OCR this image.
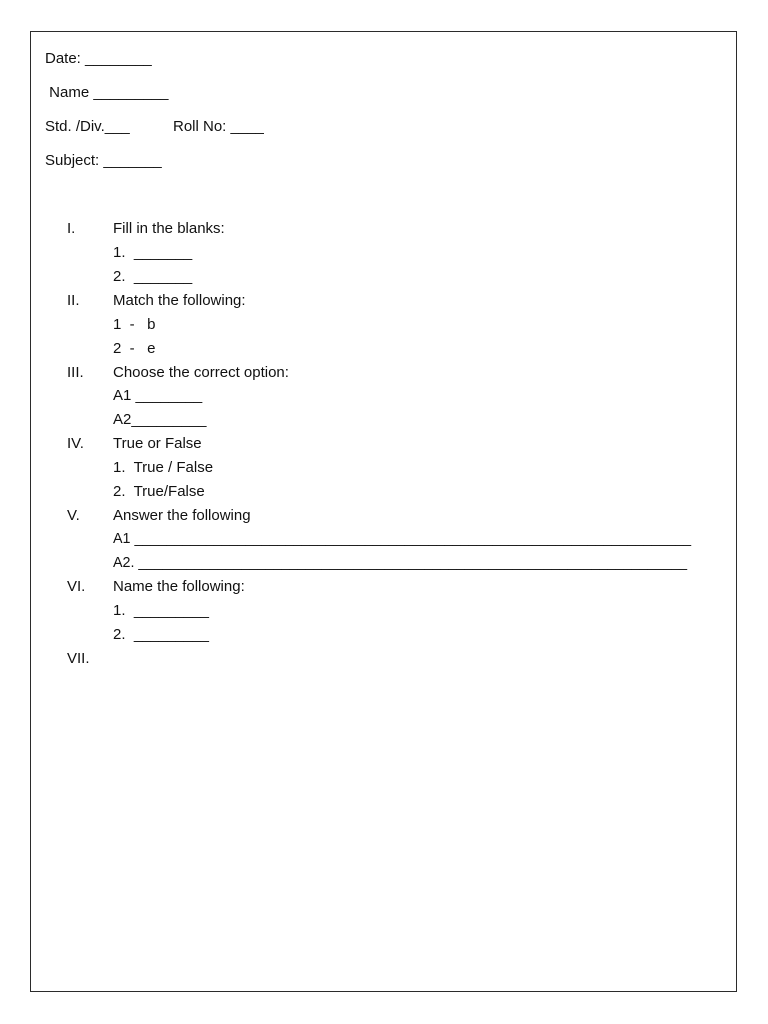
Date: ________
Name _________
Std. /Div.___	Roll No: ____
Subject: _______
I.	Fill in the blanks:
1.  _______
2.  _______
II. Match the following:
1  -   b
2  -   e
III. Choose the correct option:
A1 ________
A2_________
IV. True or False
1.  True / False
2.  True/False
V. Answer the following
A1 ______________________________________________________________________
A2. _____________________________________________________________________
VI. Name the following:
1.  _________
2.  _________
VII.
